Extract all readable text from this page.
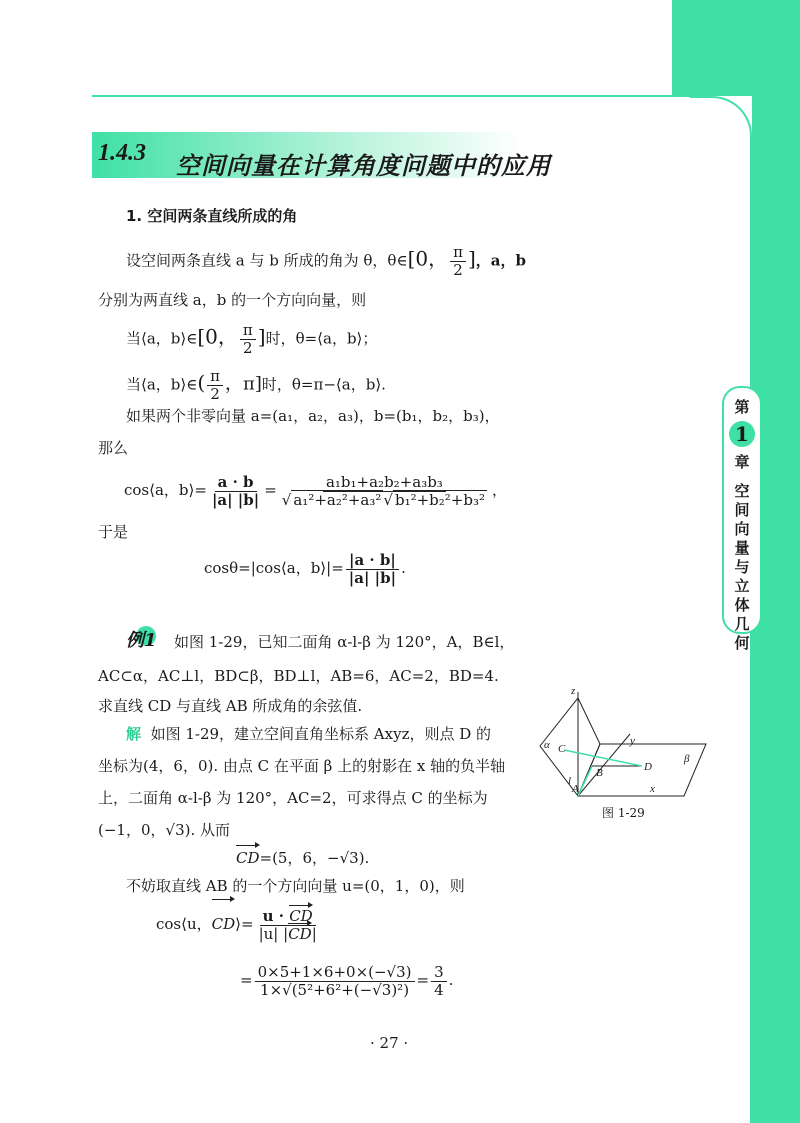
第
1
章
空间向量与立体几何
1.4.3 空间向量在计算角度问题中的应用
1. 空间两条直线所成的角
设空间两条直线 a 与 b 所成的角为 θ，θ∈[0， $\frac{\pi}{2}$ ]，a，b
分别为两直线 a，b 的一个方向向量，则
当⟨a，b⟩∈[0， $\frac{\pi}{2}$ ]时，θ=⟨a，b⟩；
当⟨a，b⟩∈( $\frac{\pi}{2}$ ，π]时，θ=π−⟨a，b⟩.
如果两个非零向量 a=(a₁，a₂，a₃)，b=(b₁，b₂，b₃)，
那么
cos⟨a，b⟩= $\frac{a \cdot b}{|a| |b|} = \frac{\text{a₁b₁+a₂b₂+a₃b₃}}{\text{√ a₁²+a₂²+a₃² √ b₁²+b₂²+b₃²}}$ ，
于是
cosθ=|cos⟨a，b⟩|= $\frac{|a \cdot b|}{|a| |b|}$ .
例1 如图 1-29，已知二面角 α-l-β 为 120°，A，B∈l，
AC⊂α，AC⊥l，BD⊂β，BD⊥l，AB=6，AC=2，BD=4.
求直线 CD 与直线 AB 所成角的余弦值.
解 如图 1-29，建立空间直角坐标系 Axyz，则点 D 的
坐标为(4，6，0). 由点 C 在平面 β 上的射影在 x 轴的负半轴
上，二面角 α-l-β 为 120°，AC=2，可求得点 C 的坐标为
(−1，0，√3). 从而
CD=(5，6，−√3).
不妨取直线 AB 的一个方向向量 u=(0，1，0)，则
cos⟨u，CD⟩= $\frac{u \cdot CD}{|u| |CD|}$
= $\frac{0\times 5+1\times 6+0\times(-√3)}{\text{1×√(5²+6²+(−√3)²)}} = \frac{3}{4}$ .
z
y
x
α
β
C
B	D
A
l
图 1-29
· 27 ·
